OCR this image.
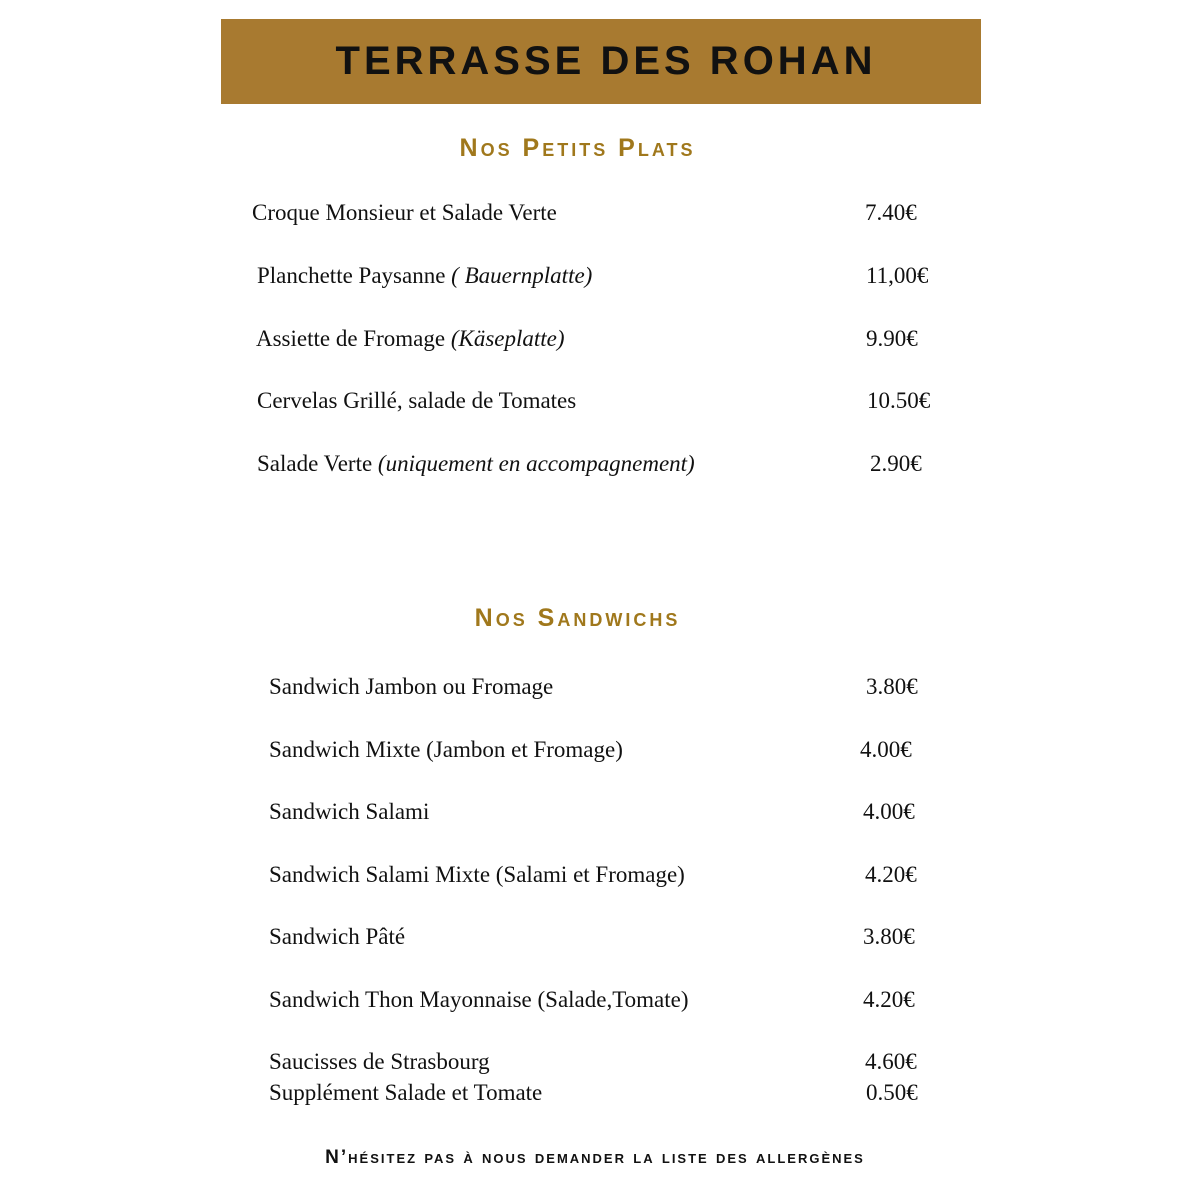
TERRASSE DES ROHAN
Nos Petits Plats
Nos Sandwichs
Croque Monsieur et Salade Verte	7.40€
Planchette Paysanne ( Bauernplatte)	11,00€
Assiette de Fromage (Käseplatte)	9.90€
Cervelas Grillé, salade de Tomates	10.50€
Salade Verte (uniquement en accompagnement)	2.90€
Sandwich Jambon ou Fromage	3.80€
Sandwich Mixte (Jambon et Fromage)	4.00€
Sandwich Salami	4.00€
Sandwich Salami Mixte (Salami et Fromage)	4.20€
Sandwich Pâté	3.80€
Sandwich Thon Mayonnaise (Salade,Tomate)	4.20€
Saucisses de Strasbourg	4.60€
Supplément Salade et Tomate	0.50€
N’hésitez pas à nous demander la liste des allergènes
